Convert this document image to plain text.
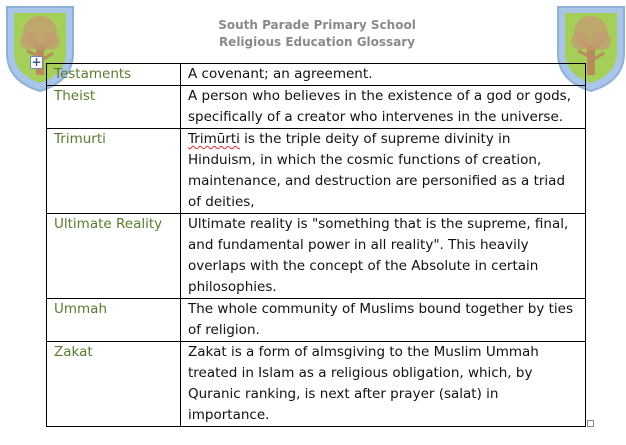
South Parade Primary School
Religious Education Glossary
+
Testaments	A covenant; an agreement.
Theist	A person who believes in the existence of a god or gods, specifically of a creator who intervenes in the universe.
Trimurti	Trimūrti is the triple deity of supreme divinity in Hinduism, in which the cosmic functions of creation, maintenance, and destruction are personified as a triad of deities,
Ultimate Reality	Ultimate reality is "something that is the supreme, final, and fundamental power in all reality". This heavily overlaps with the concept of the Absolute in certain philosophies.
Ummah	The whole community of Muslims bound together by ties of religion.
Zakat	Zakat is a form of almsgiving to the Muslim Ummah treated in Islam as a religious obligation, which, by Quranic ranking, is next after prayer (salat) in importance.
